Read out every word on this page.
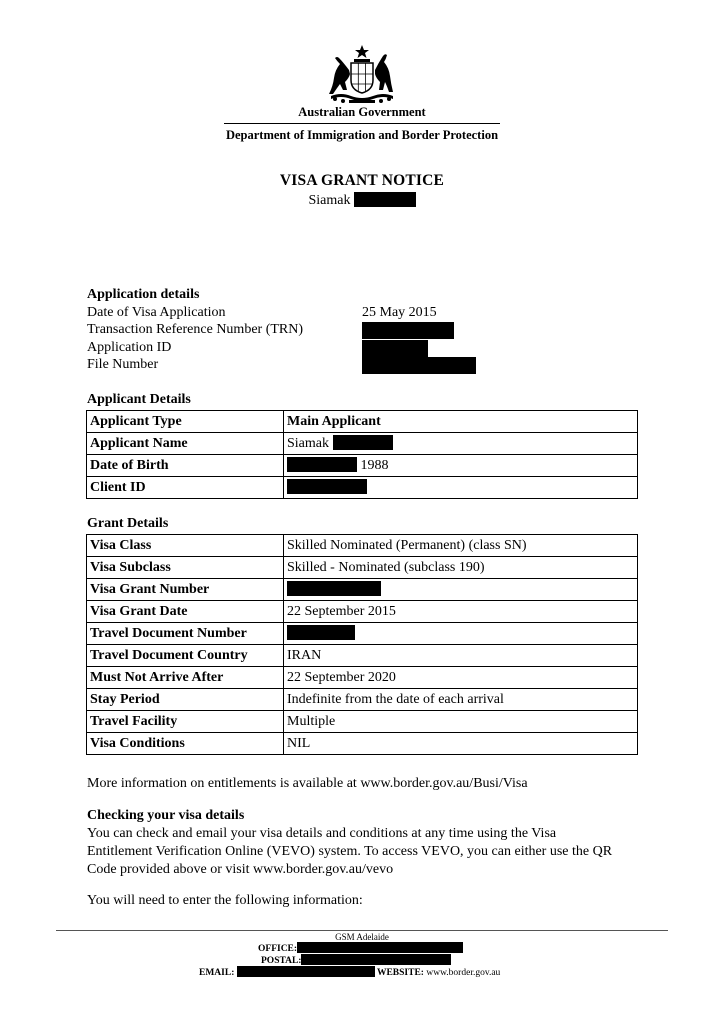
Australian Government
Department of Immigration and Border Protection
VISA GRANT NOTICE
Siamak
Application details
Date of Visa Application	25 May 2015
Transaction Reference Number (TRN)
Application ID
File Number
Applicant Details
Applicant Type	Main Applicant
Applicant Name	Siamak
Date of Birth	1988
Client ID	
Grant Details
Visa Class	Skilled Nominated (Permanent) (class SN)
Visa Subclass	Skilled - Nominated (subclass 190)
Visa Grant Number	
Visa Grant Date	22 September 2015
Travel Document Number	
Travel Document Country	IRAN
Must Not Arrive After	22 September 2020
Stay Period	Indefinite from the date of each arrival
Travel Facility	Multiple
Visa Conditions	NIL
More information on entitlements is available at www.border.gov.au/Busi/Visa
Checking your visa details
You can check and email your visa details and conditions at any time using the Visa
Entitlement Verification Online (VEVO) system. To access VEVO, you can either use the QR
Code provided above or visit www.border.gov.au/vevo
You will need to enter the following information:
GSM Adelaide
OFFICE:
POSTAL:
EMAIL:	WEBSITE: www.border.gov.au
